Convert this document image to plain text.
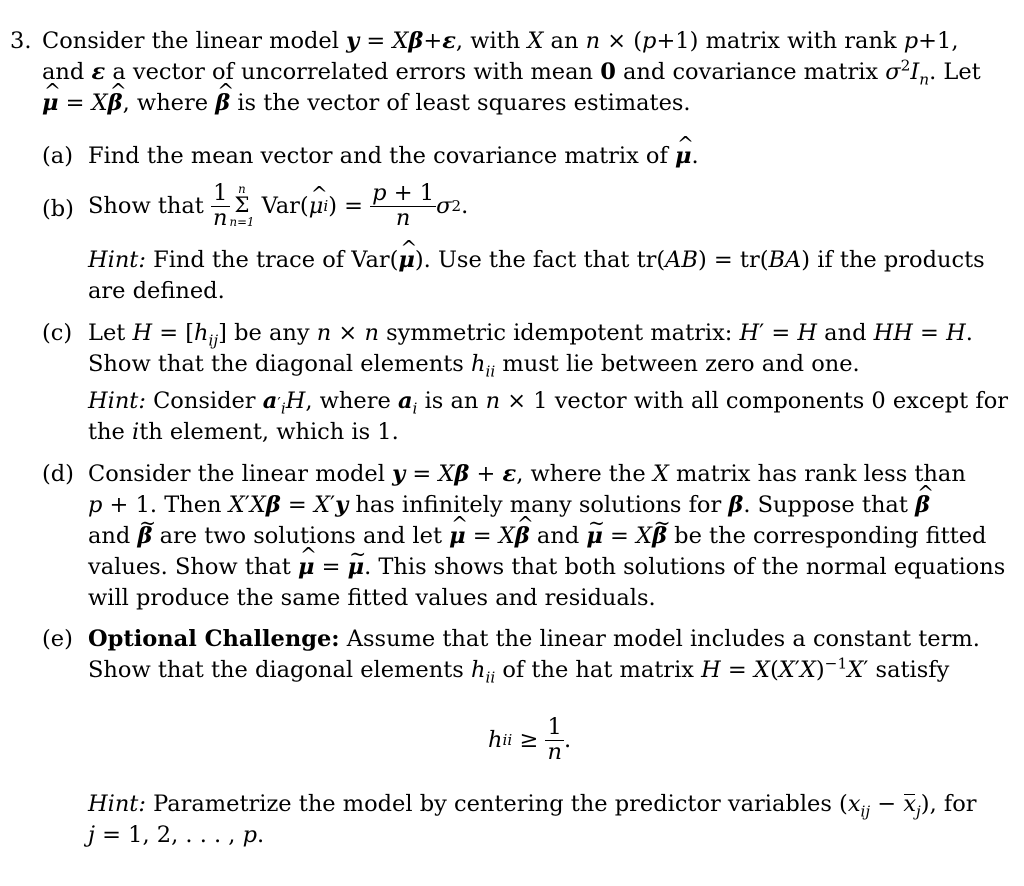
3. Consider the linear model y = Xβ+ε, with X an n × (p+1) matrix with rank p+1,
and ε a vector of uncorrelated errors with mean 0 and covariance matrix $\sigma^2I_n$. Let
μ ^ = Xβ ^, where β ^ is the vector of least squares estimates.
(a) Find the mean vector and the covariance matrix of μ ^.
(b) Show that
$\frac{1}{n}$ n
Σ
n=1

Var( μ ^ i ) = $\frac{p + 1}{n}$ σ 2 .
Hint: Find the trace of Var(μ ^). Use the fact that tr(AB) = tr(BA) if the products
are defined.
(c) Let $H = [h_{ij}]$ be any n × n symmetric idempotent matrix: H′ = H and HH = H.
Show that the diagonal elements $h_{ii}$ must lie between zero and one.
Hint: Consider $a'_iH$, where $a_i$ is an n × 1 vector with all components 0 except for
the ith element, which is 1.
(d) Consider the linear model y = Xβ + ε, where the X matrix has rank less than
p + 1. Then X′Xβ = X′y has infinitely many solutions for β. Suppose that β ^
and β ~ are two solutions and let μ ^ = Xβ ^ and μ ~ = Xβ ~ be the corresponding fitted
values. Show that μ ^ = μ ~. This shows that both solutions of the normal equations
will produce the same fitted values and residuals.
(e) Optional Challenge: Assume that the linear model includes a constant term.
Show that the diagonal elements $h_{ii}$ of the hat matrix $H = X(X'X)^{-1}X'$ satisfy
h ii ≥ $\frac{1}{n}$ .
Hint: Parametrize the model by centering the predictor variables $(x_{ij} - x_j)$, for
j = 1, 2, . . . , p.
